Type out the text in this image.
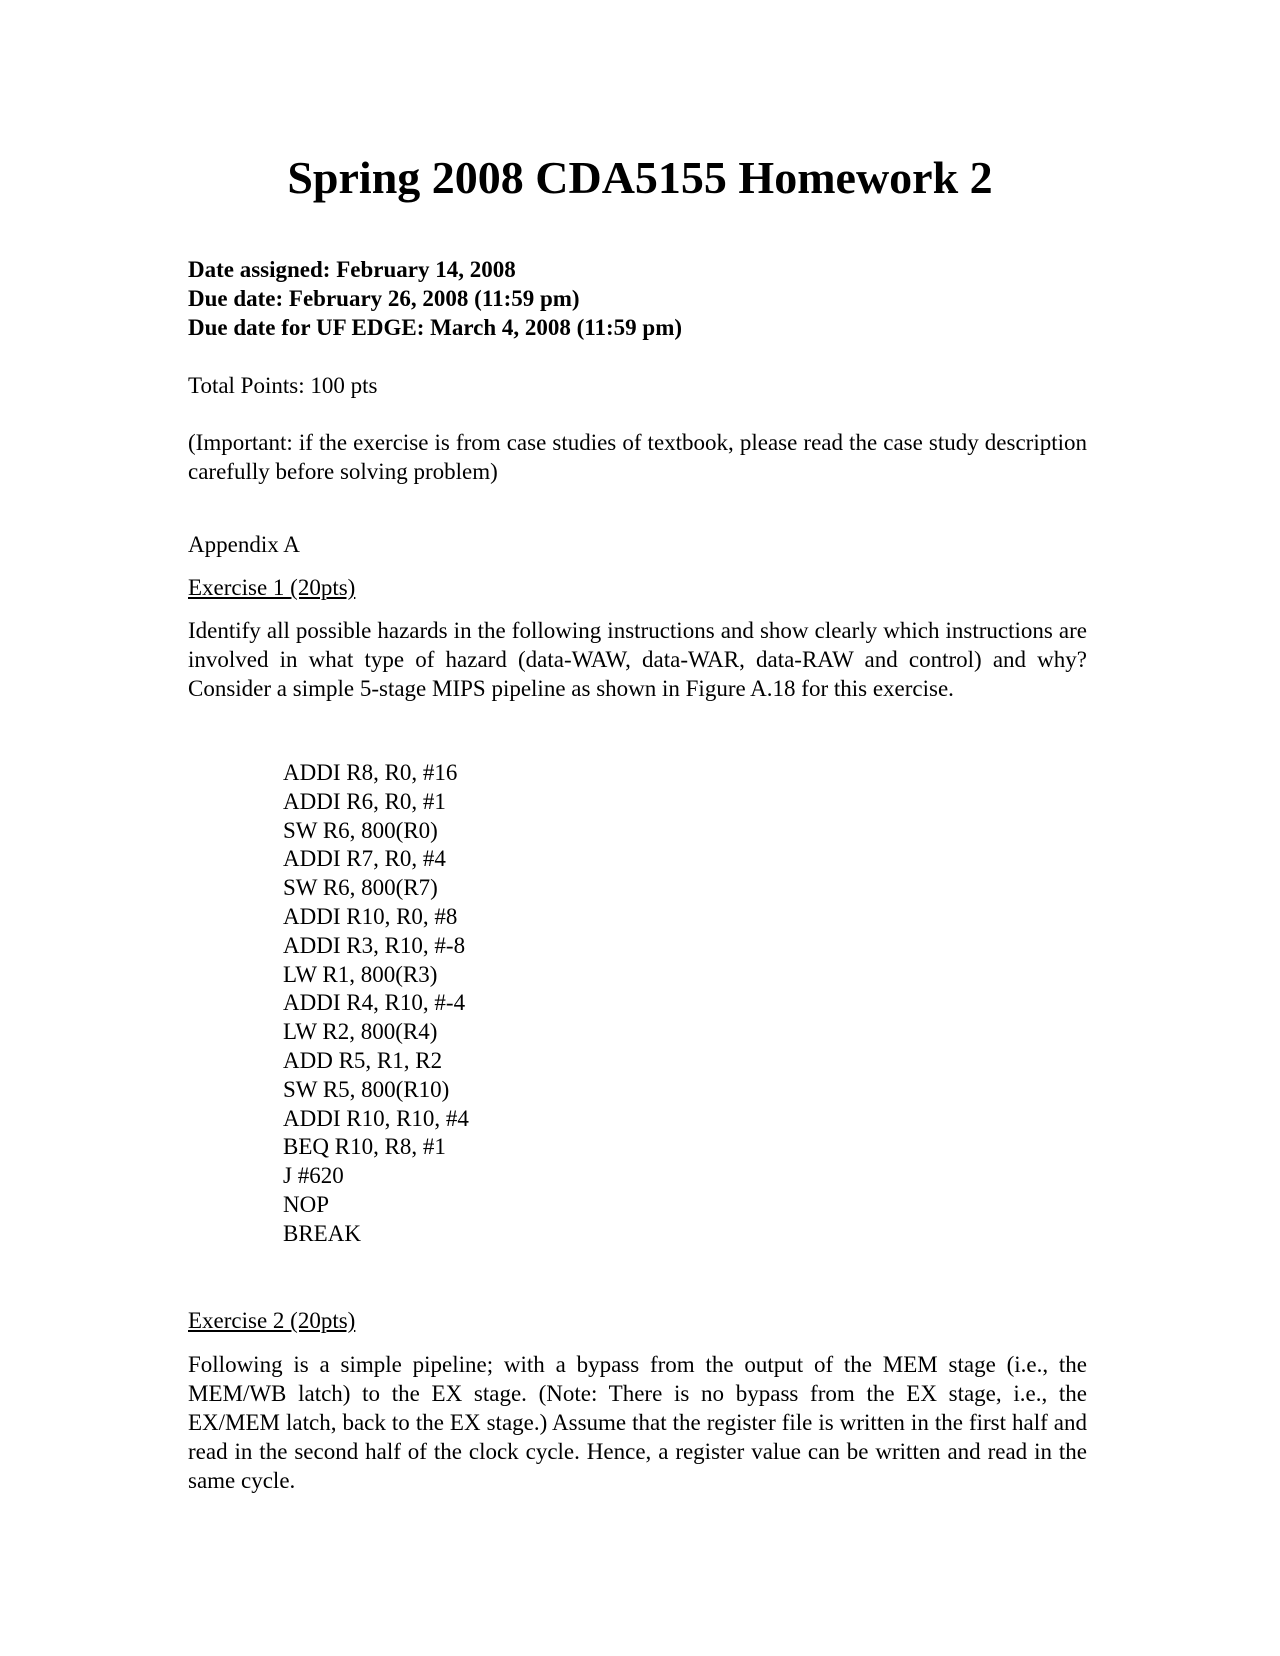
Spring 2008 CDA5155 Homework 2
Date assigned: February 14, 2008
Due date: February 26, 2008 (11:59 pm)
Due date for UF EDGE: March 4, 2008 (11:59 pm)
Total Points: 100 pts
(Important: if the exercise is from case studies of textbook, please read the case study description carefully before solving problem)
Appendix A
Exercise 1 (20pts)
Identify all possible hazards in the following instructions and show clearly which instructions are involved in what type of hazard (data-WAW, data-WAR, data-RAW and control) and why? Consider a simple 5-stage MIPS pipeline as shown in Figure A.18 for this exercise.
ADDI R8, R0, #16
ADDI R6, R0, #1
SW R6, 800(R0)
ADDI R7, R0, #4
SW R6, 800(R7)
ADDI R10, R0, #8
ADDI R3, R10, #-8
LW R1, 800(R3)
ADDI R4, R10, #-4
LW R2, 800(R4)
ADD R5, R1, R2
SW R5, 800(R10)
ADDI R10, R10, #4
BEQ R10, R8, #1
J #620
NOP
BREAK
Exercise 2 (20pts)
Following is a simple pipeline; with a bypass from the output of the MEM stage (i.e., the MEM/WB latch) to the EX stage. (Note: There is no bypass from the EX stage, i.e., the EX/MEM latch, back to the EX stage.) Assume that the register file is written in the first half and read in the second half of the clock cycle. Hence, a register value can be written and read in the same cycle.
